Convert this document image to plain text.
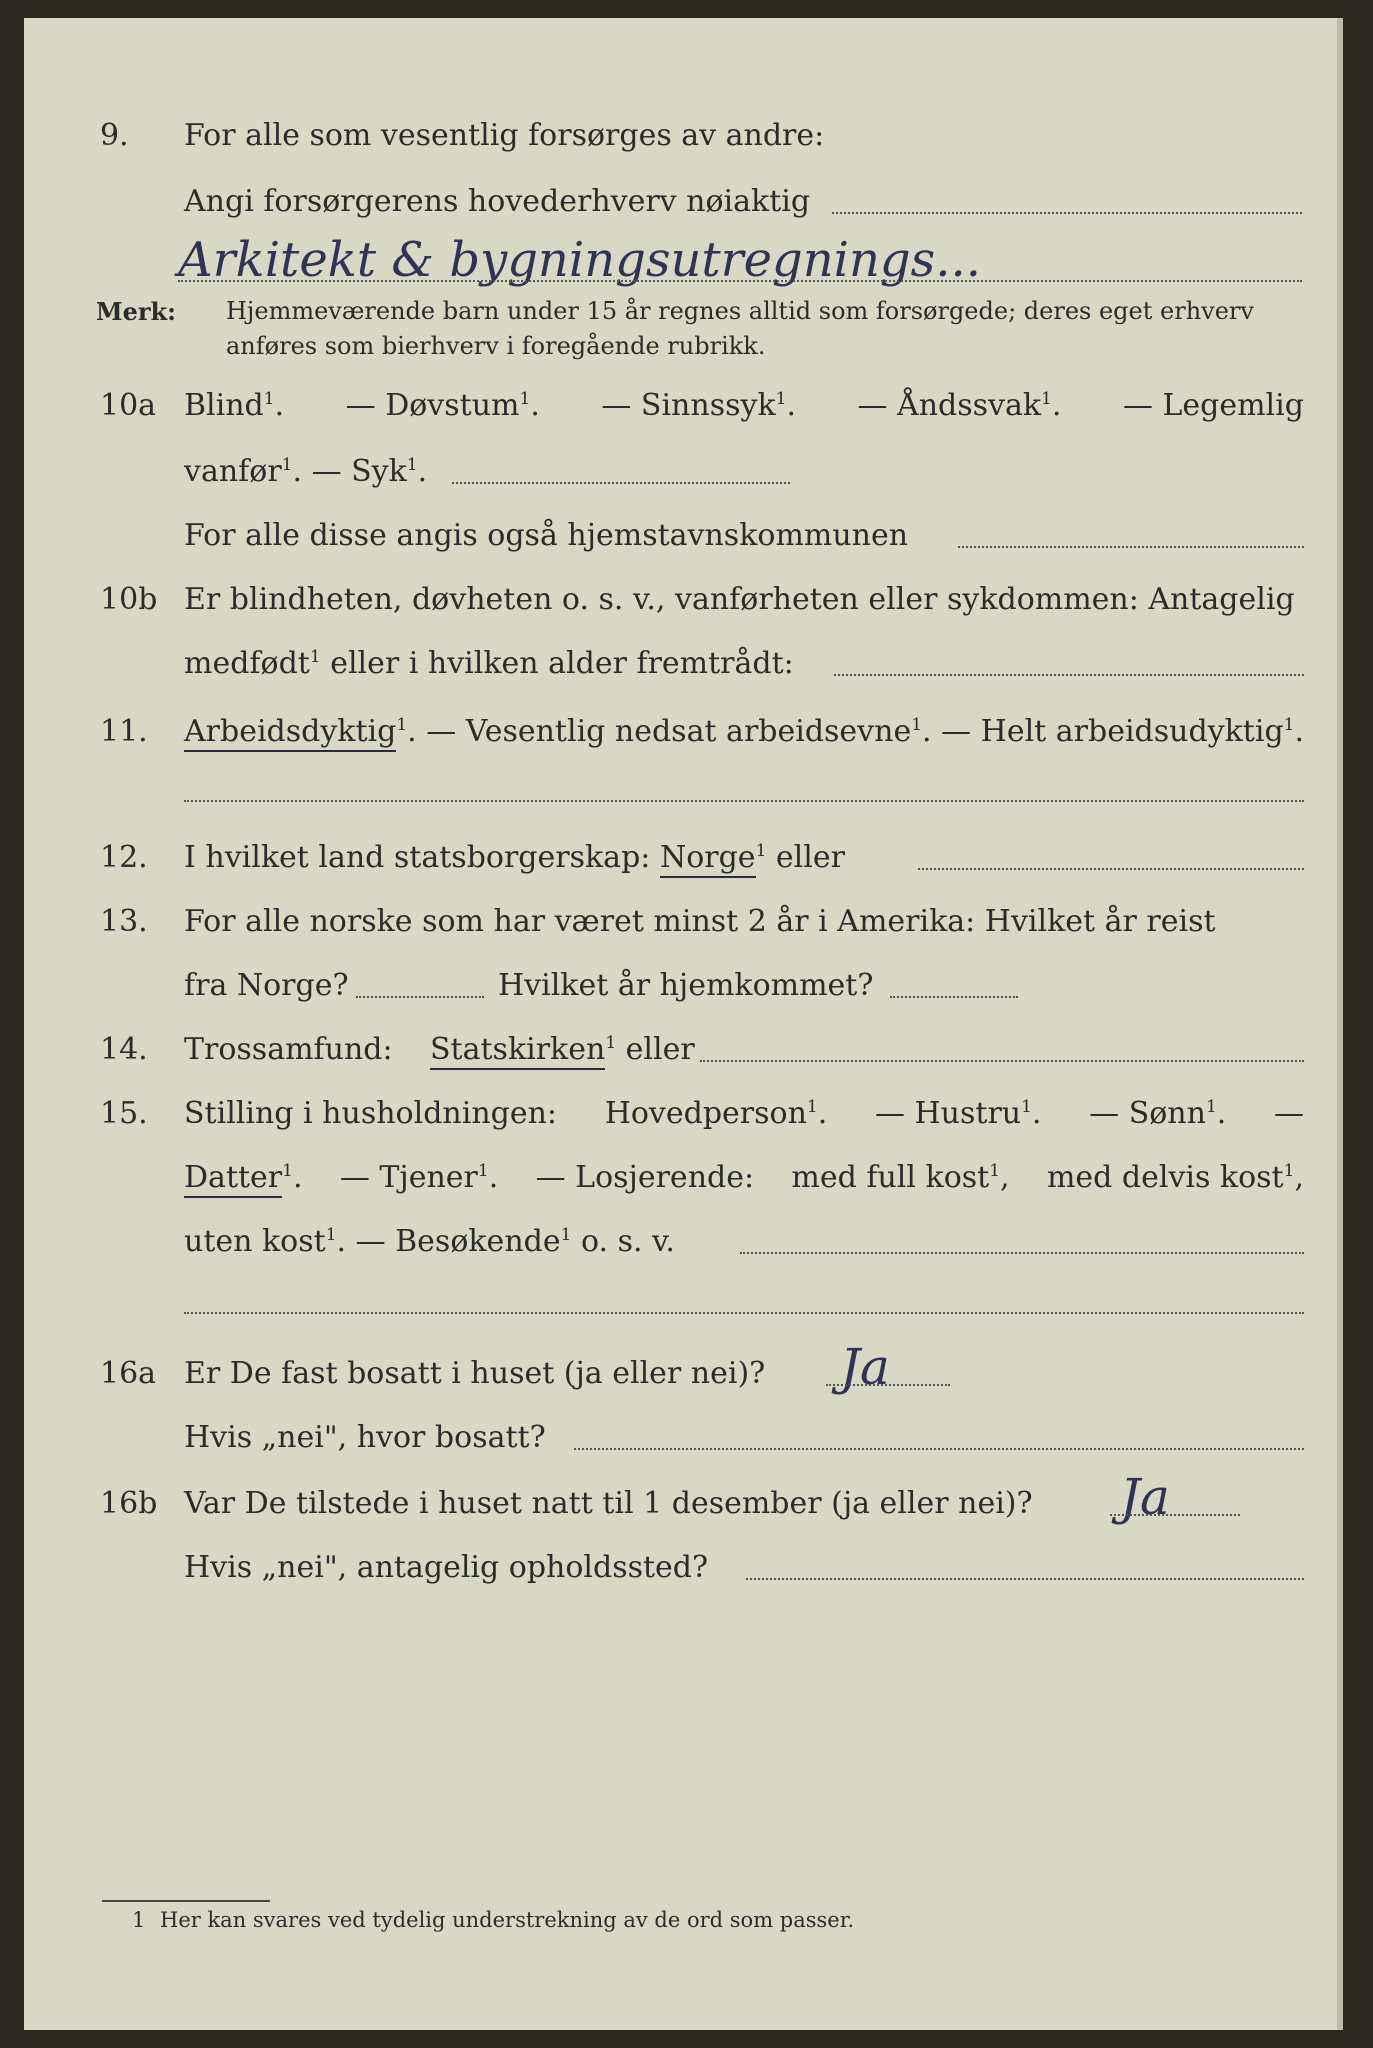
9. For alle som vesentlig forsørges av andre:
Angi forsørgerens hovederhverv nøiaktig
Arkitekt & bygningsutregnings...
Merk: Hjemmeværende barn under 15 år regnes alltid som forsørgede; deres eget erhverv
anføres som bierhverv i foregående rubrikk.
10a Blind$^1$. — Døvstum$^1$. — Sinnssyk$^1$. — Åndssvak$^1$. — Legemlig
vanfør$^1$. — Syk$^1$.
For alle disse angis også hjemstavnskommunen
10b Er blindheten, døvheten o. s. v., vanførheten eller sykdommen: Antagelig
medfødt$^1$ eller i hvilken alder fremtrådt:
11. Arbeidsdyktig$^1$. — Vesentlig nedsat arbeidsevne$^1$. — Helt arbeidsudyktig$^1$.
12. I hvilket land statsborgerskap: Norge$^1$ eller
13. For alle norske som har været minst 2 år i Amerika: Hvilket år reist
fra Norge?	Hvilket år hjemkommet?
14. Trossamfund: Statskirken$^1$ eller
15. Stilling i husholdningen: Hovedperson$^1$. — Hustru$^1$. — Sønn$^1$. —
Datter$^1$. — Tjener$^1$. — Losjerende: med full kost$^1$, med delvis kost$^1$,
uten kost$^1$. — Besøkende$^1$ o. s. v.
16a Er De fast bosatt i huset (ja eller nei)? Ja
Hvis „nei", hvor bosatt?
16b Var De tilstede i huset natt til 1 desember (ja eller nei)? Ja
Hvis „nei", antagelig opholdssted?
1 Her kan svares ved tydelig understrekning av de ord som passer.
